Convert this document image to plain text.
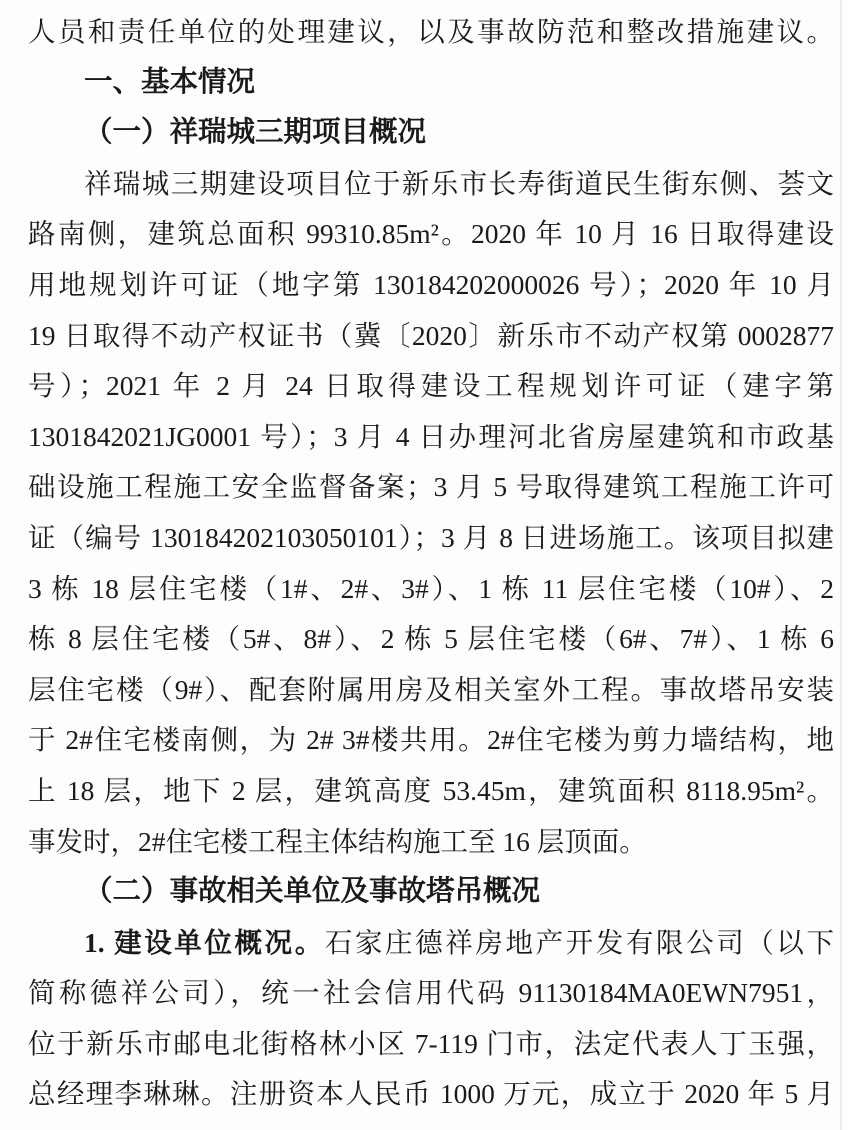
人员和责任单位的处理建议，以及事故防范和整改措施建议。
一、基本情况
（一）祥瑞城三期项目概况
祥瑞城三期建设项目位于新乐市长寿街道民生街东侧、荟文
路南侧，建筑总面积 99310.85m²。2020 年 10 月 16 日取得建设
用地规划许可证（地字第 130184202000026 号）；2020 年 10 月
19 日取得不动产权证书（冀〔2020〕新乐市不动产权第 0002877
号）；2021 年 2 月 24 日取得建设工程规划许可证（建字第
1301842021JG0001 号）；3 月 4 日办理河北省房屋建筑和市政基
础设施工程施工安全监督备案；3 月 5 号取得建筑工程施工许可
证（编号 130184202103050101）；3 月 8 日进场施工。该项目拟建
3 栋 18 层住宅楼（1#、2#、3#）、1 栋 11 层住宅楼（10#）、2
栋 8 层住宅楼（5#、8#）、2 栋 5 层住宅楼（6#、7#）、1 栋 6
层住宅楼（9#）、配套附属用房及相关室外工程。事故塔吊安装
于 2#住宅楼南侧，为 2# 3#楼共用。2#住宅楼为剪力墙结构，地
上 18 层，地下 2 层，建筑高度 53.45m，建筑面积 8118.95m²。
事发时，2#住宅楼工程主体结构施工至 16 层顶面。
（二）事故相关单位及事故塔吊概况
1. 建设单位概况。石家庄德祥房地产开发有限公司（以下
简称德祥公司），统一社会信用代码 91130184MA0EWN7951，
位于新乐市邮电北街格林小区 7-119 门市，法定代表人丁玉强，
总经理李琳琳。注册资本人民币 1000 万元，成立于 2020 年 5 月
